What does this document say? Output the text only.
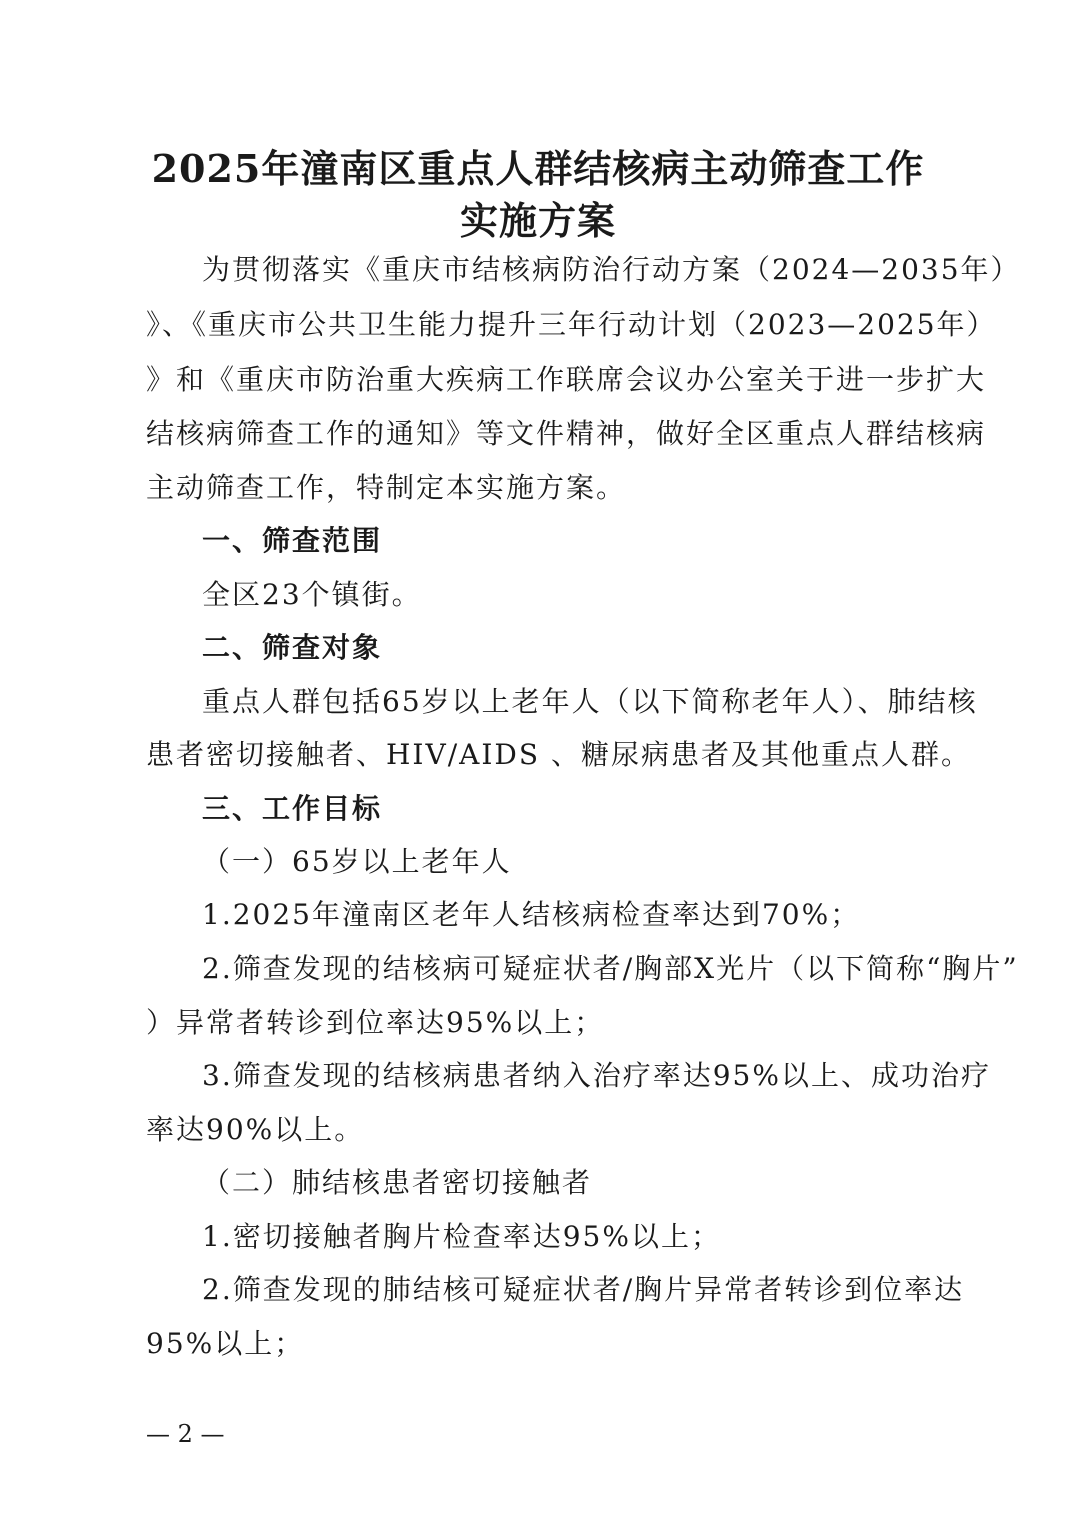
2025年潼南区重点人群结核病主动筛查工作
实施方案
为贯彻落实《重庆市结核病防治行动方案（2024—2035年）
》、《重庆市公共卫生能力提升三年行动计划（2023—2025年）
》和《重庆市防治重大疾病工作联席会议办公室关于进一步扩大
结核病筛查工作的通知》等文件精神，做好全区重点人群结核病
主动筛查工作，特制定本实施方案。
一、筛查范围
全区23个镇街。
二、筛查对象
重点人群包括65岁以上老年人（以下简称老年人）、肺结核
患者密切接触者、HIV/AIDS 、糖尿病患者及其他重点人群。
三、工作目标
（一）65岁以上老年人
1.2025年潼南区老年人结核病检查率达到70%；
2.筛查发现的结核病可疑症状者/胸部X光片（以下简称“胸片”
）异常者转诊到位率达95%以上；
3.筛查发现的结核病患者纳入治疗率达95%以上、成功治疗
率达90%以上。
（二）肺结核患者密切接触者
1.密切接触者胸片检查率达95%以上；
2.筛查发现的肺结核可疑症状者/胸片异常者转诊到位率达
95%以上；
— 2 —
